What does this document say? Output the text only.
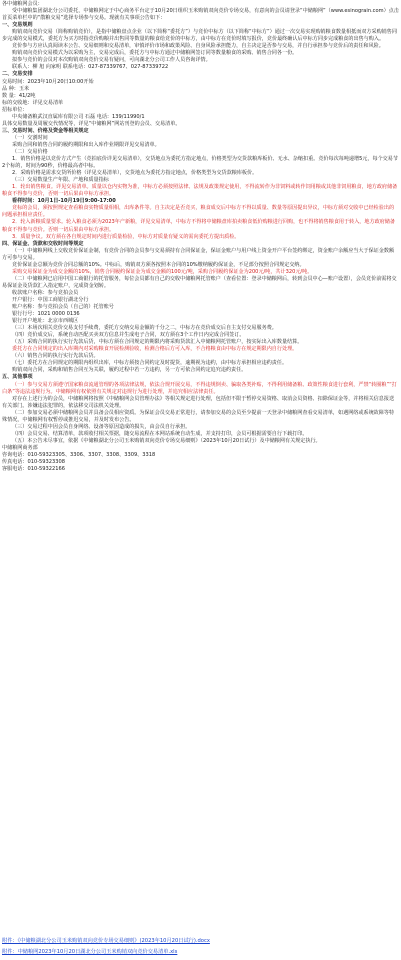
各中储粮网会员：

受中储粮集团湖北分公司委托，中储粮网定于中心商务平台定于10月20日组织玉米购销双向竞价专场交易，有意向的会员请登录“中储粮网”（www.esinograin.com）点击首页菜单栏中的“散粮交易”选择专场参与交易。现就有关事项公告如下：

一、交易规则

购销双向竞价交易（简称购销竞价），是指中储粮盘点企业（以下简称“委托方”）与竞价中标方（以下简称“中标方”）通过一次交易实现购销粮食数量相抵而双方采购销售同步完成的交易模式，委托方为买方时指竞价购粮并出售同等数量的粮食给竞价的中标方，由中标方在竞价时填写报价，竞价最终确认后中标方同步完成粮食的出售与购入。

竞价参与方应认真阅读本公告、交易细则和交易清单，审慎评价市场和政策风险、自身风险承担能力，自主决定是否参与交易，并自行承担参与竞价后的责任和风险。

购销双向竞价交易模式为以采购为主，交易完成后，委托方与中标方通过中储粮网签订同等数量粮食的采购、销售合同各一份。

拟参与竞价的会员对本次购销双向竞价交易有疑问，可向湖北分公司工作人员咨询详情。

联系人：柳 旭 向家明 联系电话：027-87339767、027-87339722

二、交易安排

交易时间：2023年10月20日10:00开始

品 种：玉米

数 量：41/2吨

标的交收地：详见交易清单

招标单位：

中央储备粮武汉直属库有限公司 石磊 电话：139/11990/1

具体交易数量及周履交代情况等，详见“中储粮网”网站刊登的会员、交易清单。

三、交易时间、价格及资金等相关规定

（一）交割时间

采购合同和销售合同的履约期限和出入库作业期限详见交易清单。

（二）交易价格

1．销售价格是以竞价方式产生（竞拍底价详见交易清单），交货地点为委托方指定地点，价格类型为交货款粮库板价、无水、杂缩扣重。竞价每次每吨递增5元，每个交易节2个标的，时间为90秒，价格最高者中标。

2．采购价格是需求交货所价格（详见交易清单），交货地点为委托方指定地点，价格类型为交货款粮库板价。

（三）交易数量生产年限、产地和质量指标

1．轮出销售粮食。详见交易清单。质量以仓内实物为准，中标方必须按照法律、法规及政策规定使用，不得流转作为非饲料或转作饲用粮或其他非饲用粮食，地方政府储备粮食不得参与竞价，否则一切后果由中标方承担。

看样时间：10月1日-10月19日9:00-17:00

竞标的会员，须按照规定查看粮食实物质量相相，出库条件等。自主决定是否竞买，粮食成交后中标方不得以质量、数量等原因提出异议，中标方须对交收中已经检验出的问题承担相应责任。

2．轮入新粮质量要求。轮入粮食必须为2023年产新粮，详见交易清单，中标方不得将中储粮盘库拍卖粮食低价购粮进行回购，也不得将销售粮食用于转入，地方政府储备粮食不得参与竞价。否则一切后果由中标方承担。

3．质量争议。双方须在各自规定时间内进行质量检验，中标方对质量有疑义的需向委托方提出质检。

四、保证金、货款和交收时间等规定

（一）中储粮网线上交收竞价保证金制，有竞价合同的会员参与交易须持有合同保证金，保证金账户与用户线上资金开户平台签约绑定，资金账户余额应当大于保证金数额方可参与交易。

竞价保证金总额为竞价合同总额的10%。中标后，购销双方须各按照本合同的10%缴纳履约保证金，不足部分按照合同规定交纳。

采购交易保证金为成交金额的10%，销售合同履约保证金为成交金额的100元/吨，采购合同履约保证金为200元/吨，共计320元/吨。

（二）中储粮网已启用中国工商银行的托管服务，每位会员都有自己的交收中储粮网托管账户（查看位置：登录中储粮网后，转到会员中心—账户设置），会员竞价前需将交易保证金及货款汇入指定账户，完成资金划转。

收款账户名称：参与竞拍会员

开户银行：中国工商银行湖北分行

账户名称：参与竞拍会员（自己的）托管账号

银行行号：1021 0000 0136

银行开户地址：北京市西城区

（三）本场次相关竞价交易支付手续费，委托方交纳交易金额的千分之二，中标方在竞价成交后自主支付交易服务费。

（四）竞价成交后，系统自动匹配买卖双方信息并生成电子合同，双方须在3个工作日内完成合同签订。

（五）采购合同的执行实行先款后货，中标方须在合同规定的期限内将采购货款汇入中储粮网托管账户，按实际出入库数量结算。

委托方在合同规定的出入库期内对采购粮食开展检测验收，检测合格后方可入库，不合格粮食由中标方在规定期限内自行处理。

（六）销售合同的执行实行先款后货。

（七）委托方在合同规定的期限内组织出库，中标方须按合同约定及时提货，逾期视为违约，由中标方承担相应违约责任。

购销双向合同，采购和销售合同互为关联，履约过程中若一方违约，另一方可依合同约定追究违约责任。

五、其他事项

（一）参与交易方须遵守国家粮食流通管理的各项法律法规，依法合规开展交易，不得违规倒卖、骗取各类补贴，不得利用储备粮、政策性粮食进行套利，严禁“转圈粮”“打白条”等违法违规行为。中储粮网有权依照有关规定对违规行为进行处理，并追究相应法律责任。

对存在上述行为的会员，中储粮网将按照《中储粮网会员管理办法》等相关规定进行处理，包括但不限于暂停交易资格、取消会员资格、扣除保证金等，并将相关信息报送有关部门。涉嫌违法犯罪的，依法移交司法机关处理。

（二）参加交易必须中储粮网会员并具备会员相应资质。为保证会员交易正常进行，请参加交易的会员至少提前一天登录中储粮网查看交易清单，如遇网络或系统故障等特殊情况，中储粮网有权暂停或推迟交易，并及时发布公告。

（三）交易过程中因会员自身网络、设备等原因造成的损失，由会员自行承担。

（四）会员交易、结算清单，款项收付相关票据，随交易流程在本网站系统自动生成，并支持打印，会员可根据需要自行下载打印。

（五）本公告未尽事宜，依据《中储粮湖北分公司玉米购销双向竞价专场交易细则》（2023年10月20日试行）及中储粮网有关规定执行。

中储粮网商务部

咨询电话：010-59323305、3306、3307、3308、3309、3318

传真电话：010-59323308

客服电话：010-59322166

附件：《中储粮湖北分公司玉米购销双向竞价专场交易细则》(2023年10月20日试行).docx
附件：中储粮网2023年10月20日湖北分公司玉米购销双向竞价交易清单.xls
